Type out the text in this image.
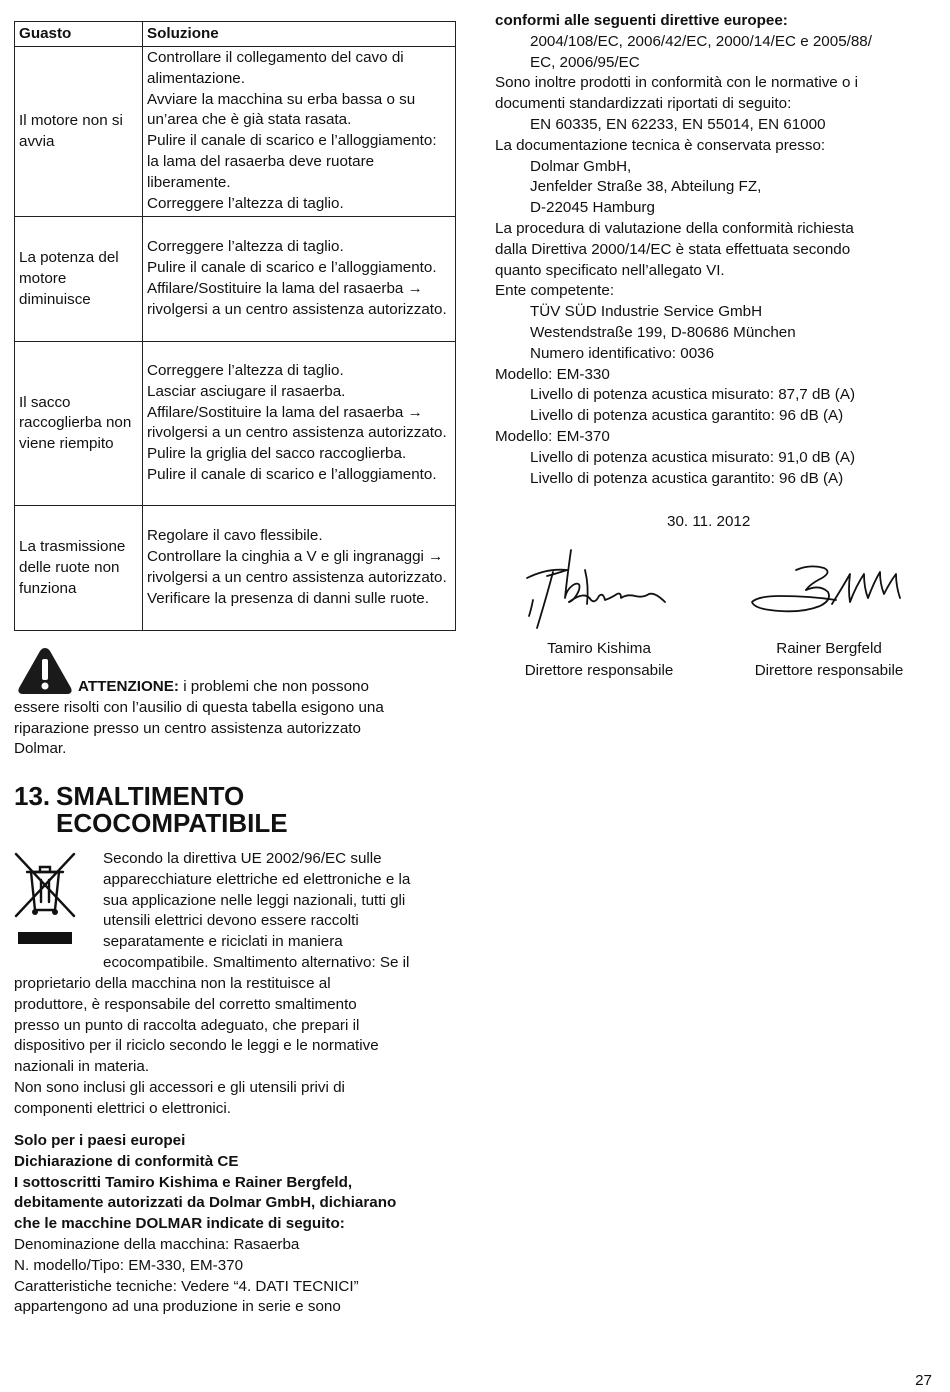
Guasto	Soluzione
Il motore non si avvia	Controllare il collegamento del cavo di alimentazione.
Avviare la macchina su erba bassa o su un’area che è già stata rasata.
Pulire il canale di scarico e l’alloggiamento: la lama del rasaerba deve ruotare liberamente.
Correggere l’altezza di taglio.

La potenza del motore diminuisce	Correggere l’altezza di taglio.
Pulire il canale di scarico e l’alloggiamento.
Affilare/Sostituire la lama del rasaerba → rivolgersi a un centro assistenza autorizzato.

Il sacco raccoglierba non viene riempito	Correggere l’altezza di taglio.
Lasciar asciugare il rasaerba.
Affilare/Sostituire la lama del rasaerba → rivolgersi a un centro assistenza autorizzato.
Pulire la griglia del sacco raccoglierba.
Pulire il canale di scarico e l’alloggiamento.

La trasmissione delle ruote non funziona	Regolare il cavo flessibile.
Controllare la cinghia a V e gli ingranaggi → rivolgersi a un centro assistenza autorizzato.
Verificare la presenza di danni sulle ruote.
ATTENZIONE: i problemi che non possono
essere risolti con l’ausilio di questa tabella esigono una
riparazione presso un centro assistenza autorizzato
Dolmar.
13. SMALTIMENTO
ECOCOMPATIBILE
Secondo la direttiva UE 2002/96/EC sulle
apparecchiature elettriche ed elettroniche e la
sua applicazione nelle leggi nazionali, tutti gli
utensili elettrici devono essere raccolti
separatamente e riciclati in maniera
ecocompatibile. Smaltimento alternativo: Se il
proprietario della macchina non la restituisce al
produttore, è responsabile del corretto smaltimento
presso un punto di raccolta adeguato, che prepari il
dispositivo per il riciclo secondo le leggi e le normative
nazionali in materia.
Non sono inclusi gli accessori e gli utensili privi di
componenti elettrici o elettronici.
Solo per i paesi europei
Dichiarazione di conformità CE
I sottoscritti Tamiro Kishima e Rainer Bergfeld,
debitamente autorizzati da Dolmar GmbH, dichiarano
che le macchine DOLMAR indicate di seguito:
Denominazione della macchina: Rasaerba
N. modello/Tipo: EM-330, EM-370
Caratteristiche tecniche: Vedere “4. DATI TECNICI”
appartengono ad una produzione in serie e sono
conformi alle seguenti direttive europee:
2004/108/EC, 2006/42/EC, 2000/14/EC e 2005/88/
EC, 2006/95/EC
Sono inoltre prodotti in conformità con le normative o i
documenti standardizzati riportati di seguito:
EN 60335, EN 62233, EN 55014, EN 61000
La documentazione tecnica è conservata presso:
Dolmar GmbH,
Jenfelder Straße 38, Abteilung FZ,
D-22045 Hamburg
La procedura di valutazione della conformità richiesta
dalla Direttiva 2000/14/EC è stata effettuata secondo
quanto specificato nell’allegato VI.
Ente competente:
TÜV SÜD Industrie Service GmbH
Westendstraße 199, D-80686 München
Numero identificativo: 0036
Modello: EM-330
Livello di potenza acustica misurato: 87,7 dB (A)
Livello di potenza acustica garantito: 96 dB (A)
Modello: EM-370
Livello di potenza acustica misurato: 91,0 dB (A)
Livello di potenza acustica garantito: 96 dB (A)
30. 11. 2012
Tamiro Kishima
Direttore responsabile
Rainer Bergfeld
Direttore responsabile
27
